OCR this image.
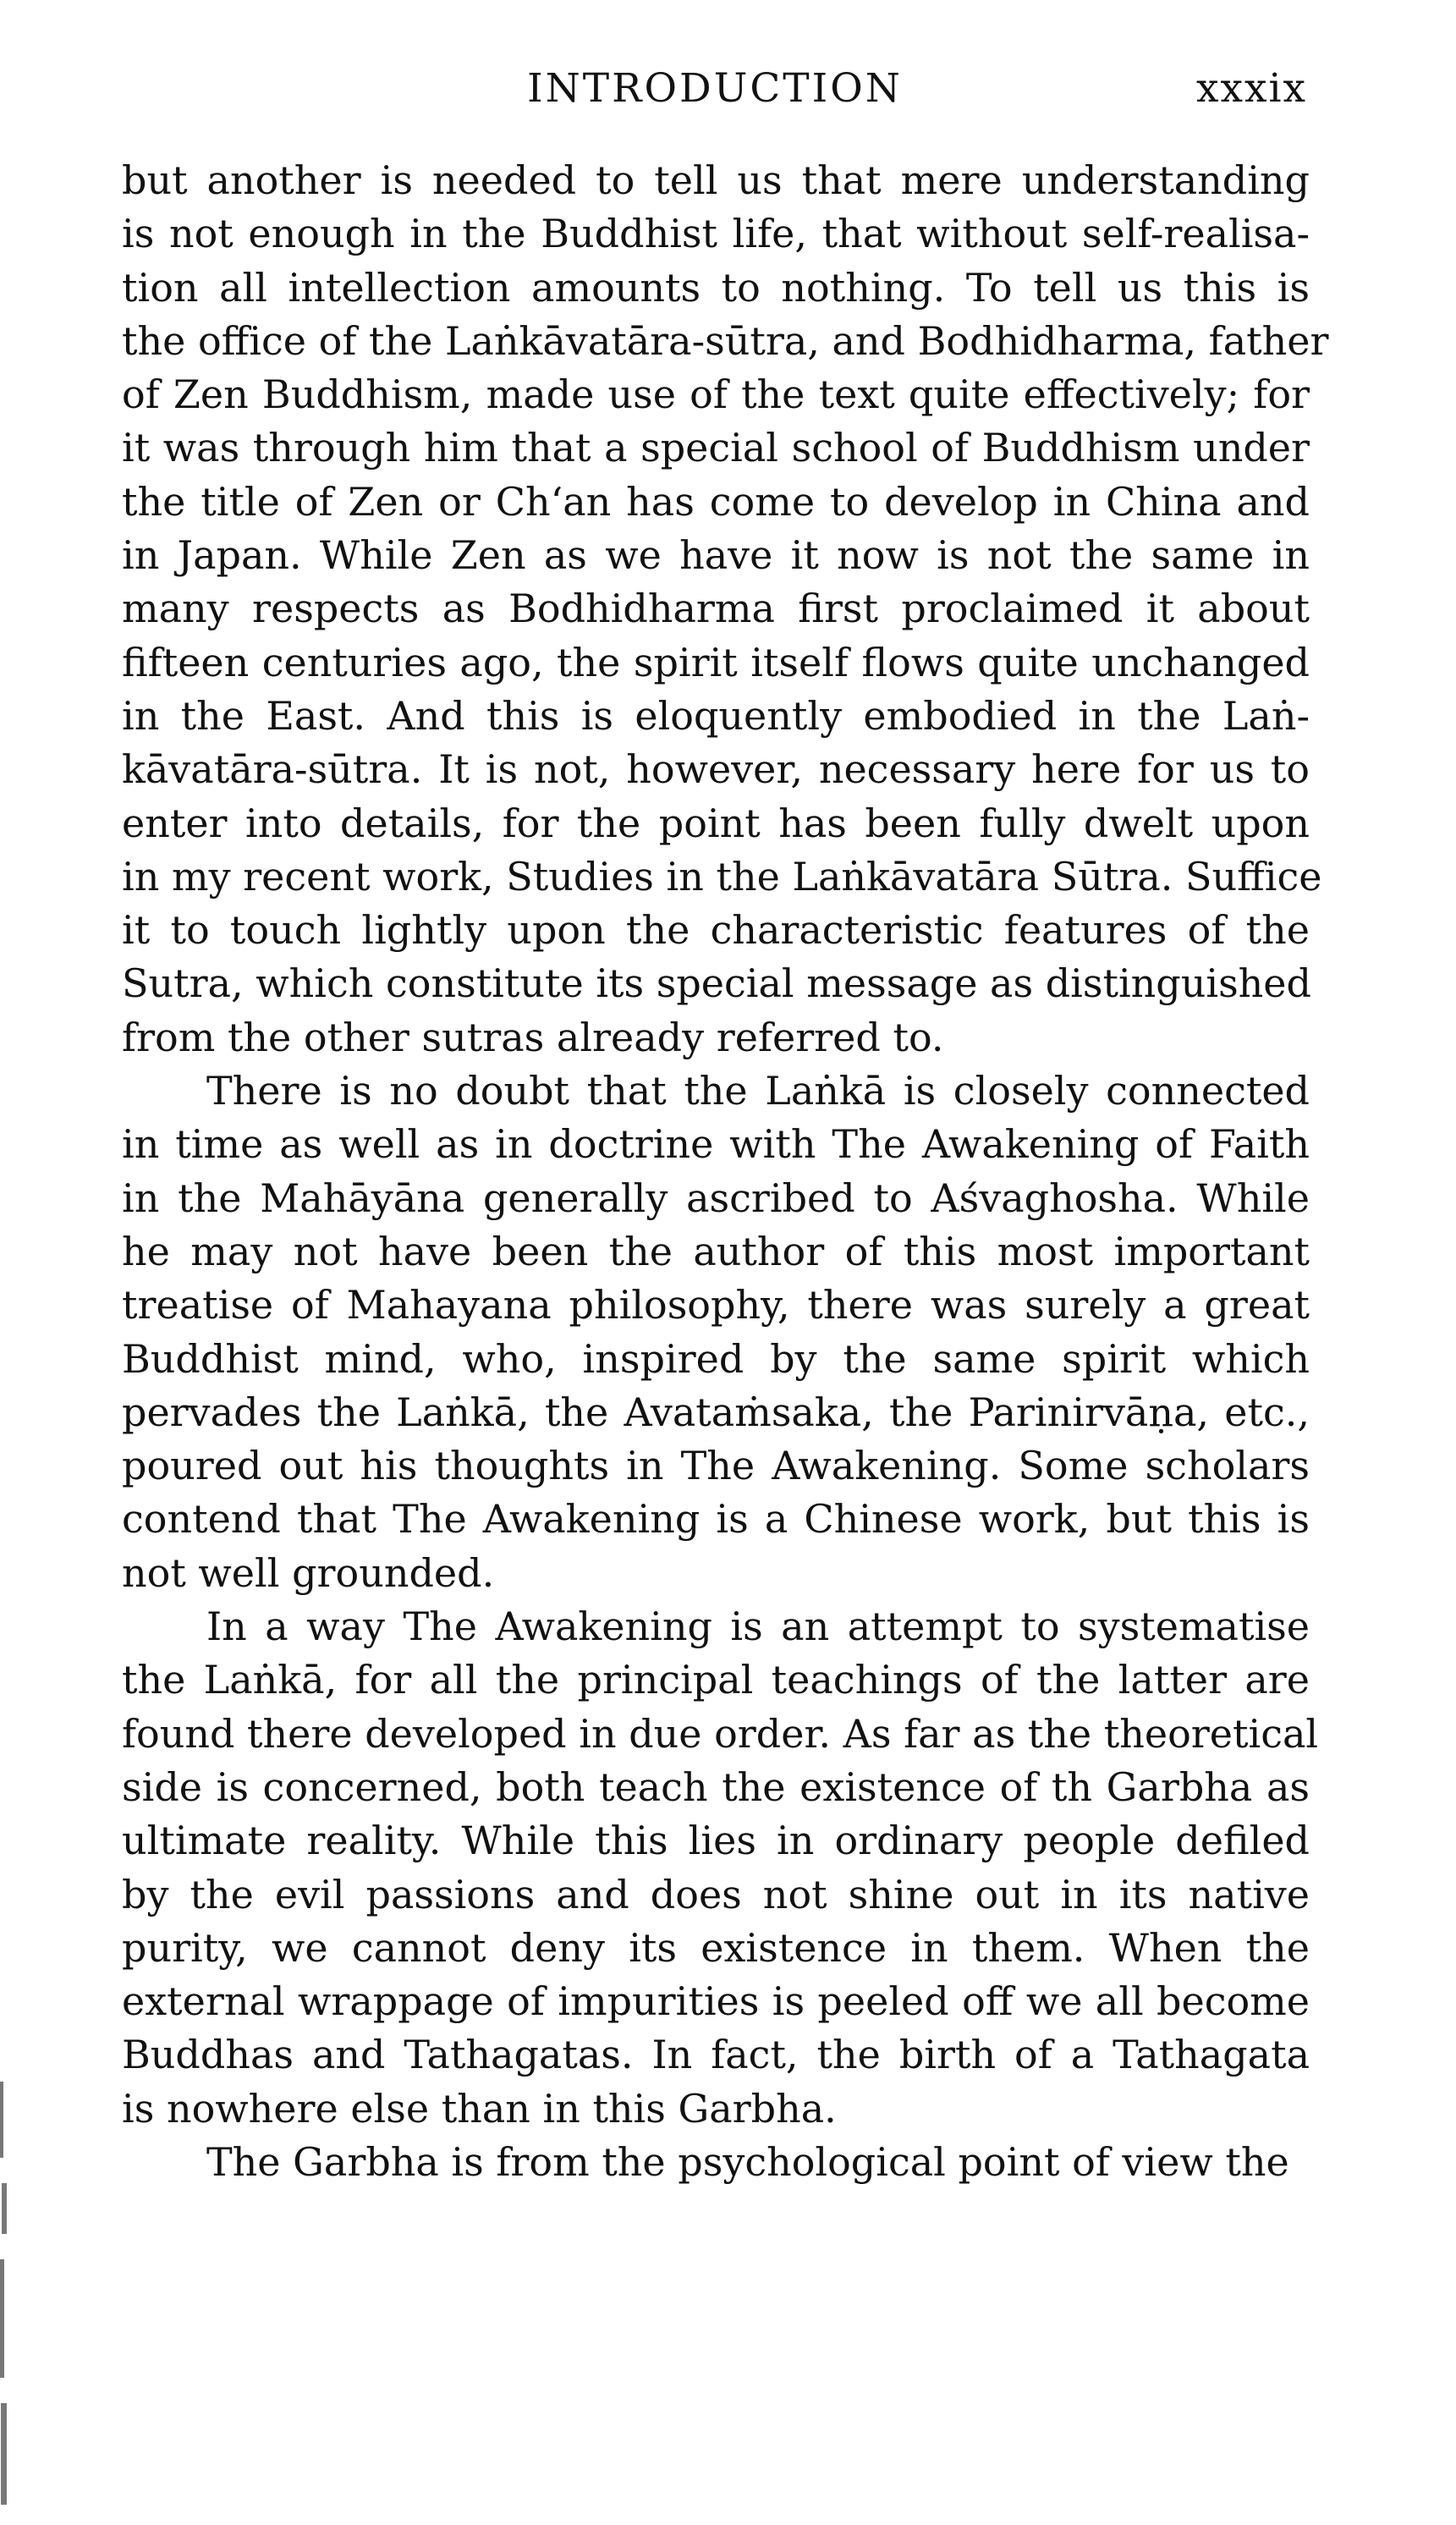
INTRODUCTION	xxxix
but another is needed to tell us that mere understanding
is not enough in the Buddhist life, that without self-realisa-
tion all intellection amounts to nothing. To tell us this is
the office of the Laṅkāvatāra-sūtra, and Bodhidharma, father
of Zen Buddhism, made use of the text quite effectively; for
it was through him that a special school of Buddhism under
the title of Zen or Ch‘an has come to develop in China and
in Japan. While Zen as we have it now is not the same in
many respects as Bodhidharma first proclaimed it about
fifteen centuries ago, the spirit itself flows quite unchanged
in the East. And this is eloquently embodied in the Laṅ-
kāvatāra-sūtra. It is not, however, necessary here for us to
enter into details, for the point has been fully dwelt upon
in my recent work, Studies in the Laṅkāvatāra Sūtra. Suffice
it to touch lightly upon the characteristic features of the
Sutra, which constitute its special message as distinguished
from the other sutras already referred to.
There is no doubt that the Laṅkā is closely connected
in time as well as in doctrine with The Awakening of Faith
in the Mahāyāna generally ascribed to Aśvaghosha. While
he may not have been the author of this most important
treatise of Mahayana philosophy, there was surely a great
Buddhist mind, who, inspired by the same spirit which
pervades the Laṅkā, the Avataṁsaka, the Parinirvāṇa, etc.,
poured out his thoughts in The Awakening. Some scholars
contend that The Awakening is a Chinese work, but this is
not well grounded.
In a way The Awakening is an attempt to systematise
the Laṅkā, for all the principal teachings of the latter are
found there developed in due order. As far as the theoretical
side is concerned, both teach the existence of th Garbha as
ultimate reality. While this lies in ordinary people defiled
by the evil passions and does not shine out in its native
purity, we cannot deny its existence in them. When the
external wrappage of impurities is peeled off we all become
Buddhas and Tathagatas. In fact, the birth of a Tathagata
is nowhere else than in this Garbha.
The Garbha is from the psychological point of view the
